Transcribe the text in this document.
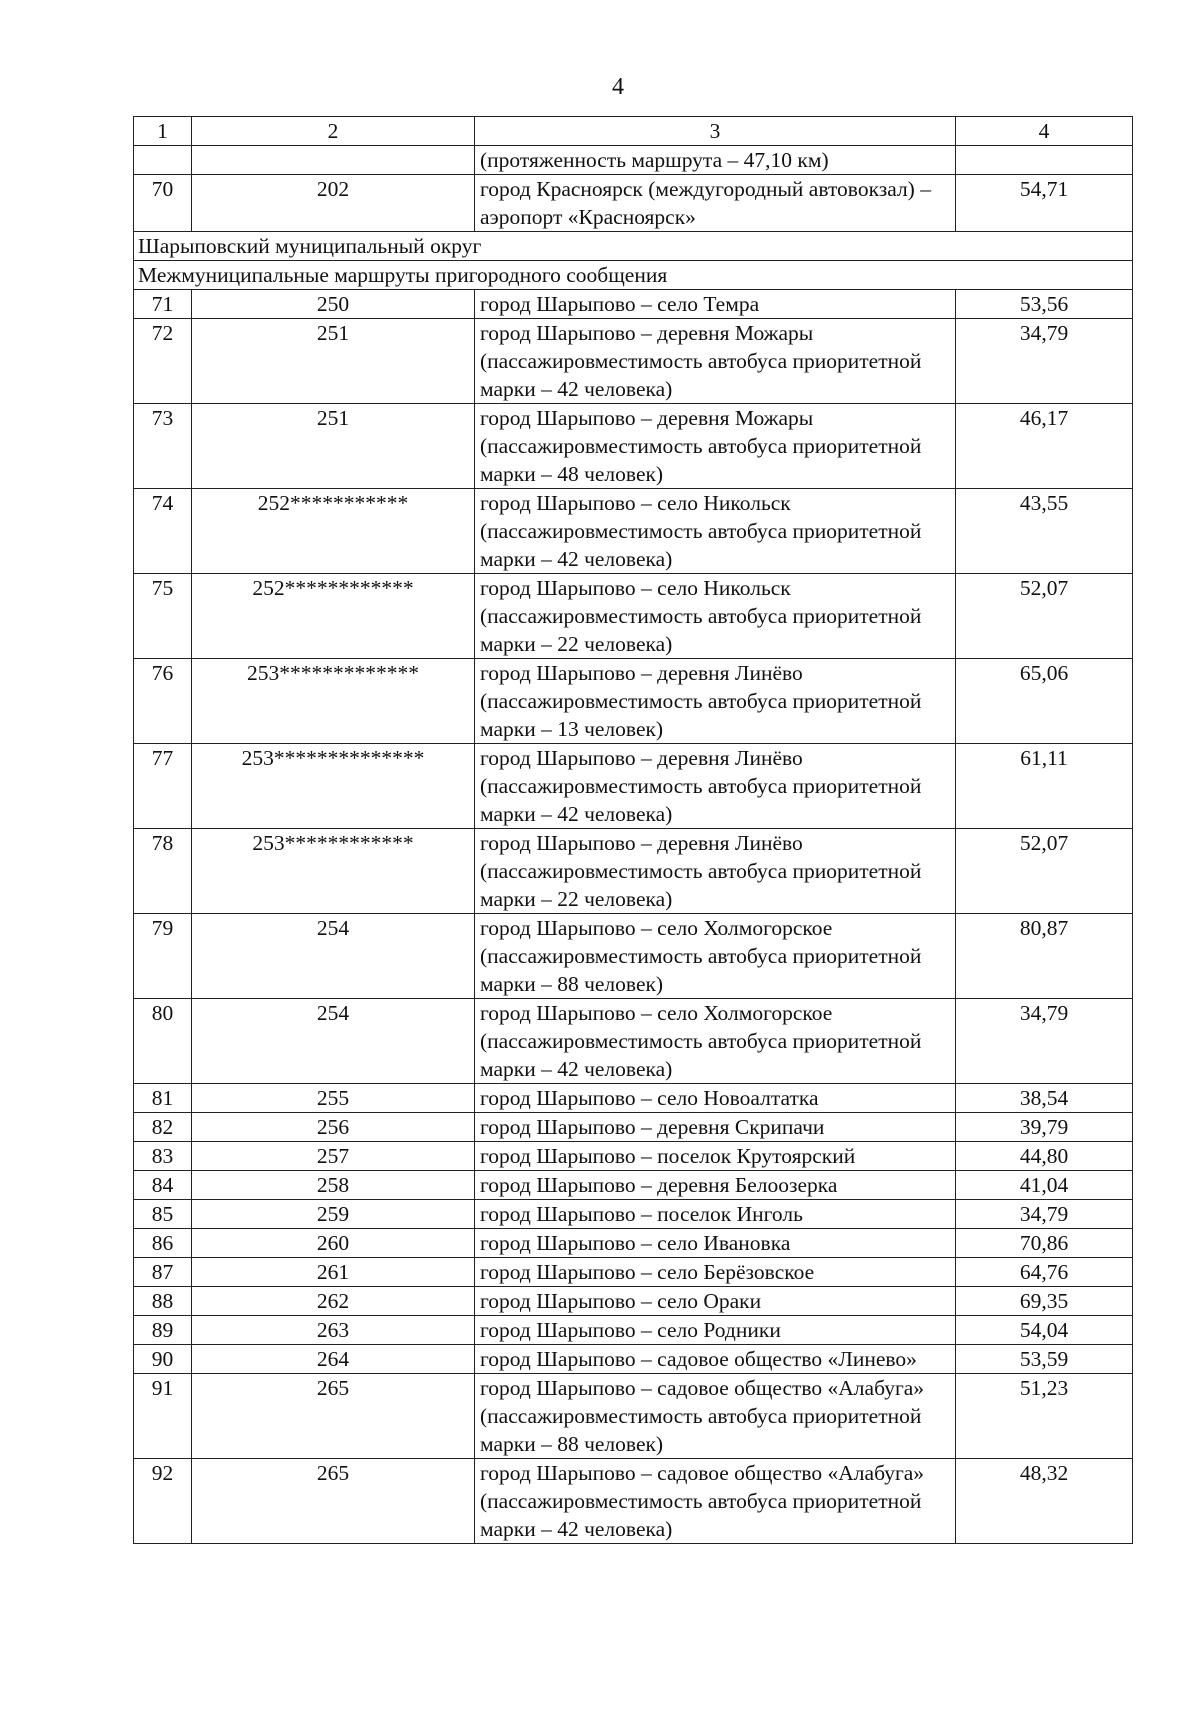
4
1	2	3	4
		(протяженность маршрута – 47,10 км)	
70	202	город Красноярск (междугородный автовокзал) – аэропорт «Красноярск»	54,71
Шарыповский муниципальный округ			
Межмуниципальные маршруты пригородного сообщения			
71	250	город Шарыпово – село Темра	53,56
72	251	город Шарыпово – деревня Можары (пассажировместимость автобуса приоритетной марки – 42 человека)	34,79
73	251	город Шарыпово – деревня Можары (пассажировместимость автобуса приоритетной марки – 48 человек)	46,17
74	252***********	город Шарыпово – село Никольск (пассажировместимость автобуса приоритетной марки – 42 человека)	43,55
75	252************	город Шарыпово – село Никольск (пассажировместимость автобуса приоритетной марки – 22 человека)	52,07
76	253*************	город Шарыпово – деревня Линёво (пассажировместимость автобуса приоритетной марки – 13 человек)	65,06
77	253**************	город Шарыпово – деревня Линёво (пассажировместимость автобуса приоритетной марки – 42 человека)	61,11
78	253************	город Шарыпово – деревня Линёво (пассажировместимость автобуса приоритетной марки – 22 человека)	52,07
79	254	город Шарыпово – село Холмогорское (пассажировместимость автобуса приоритетной марки – 88 человек)	80,87
80	254	город Шарыпово – село Холмогорское (пассажировместимость автобуса приоритетной марки – 42 человека)	34,79
81	255	город Шарыпово – село Новоалтатка	38,54
82	256	город Шарыпово – деревня Скрипачи	39,79
83	257	город Шарыпово – поселок Крутоярский	44,80
84	258	город Шарыпово – деревня Белоозерка	41,04
85	259	город Шарыпово – поселок Инголь	34,79
86	260	город Шарыпово – село Ивановка	70,86
87	261	город Шарыпово – село Берёзовское	64,76
88	262	город Шарыпово – село Ораки	69,35
89	263	город Шарыпово – село Родники	54,04
90	264	город Шарыпово – садовое общество «Линево»	53,59
91	265	город Шарыпово – садовое общество «Алабуга» (пассажировместимость автобуса приоритетной марки – 88 человек)	51,23
92	265	город Шарыпово – садовое общество «Алабуга» (пассажировместимость автобуса приоритетной марки – 42 человека)	48,32
